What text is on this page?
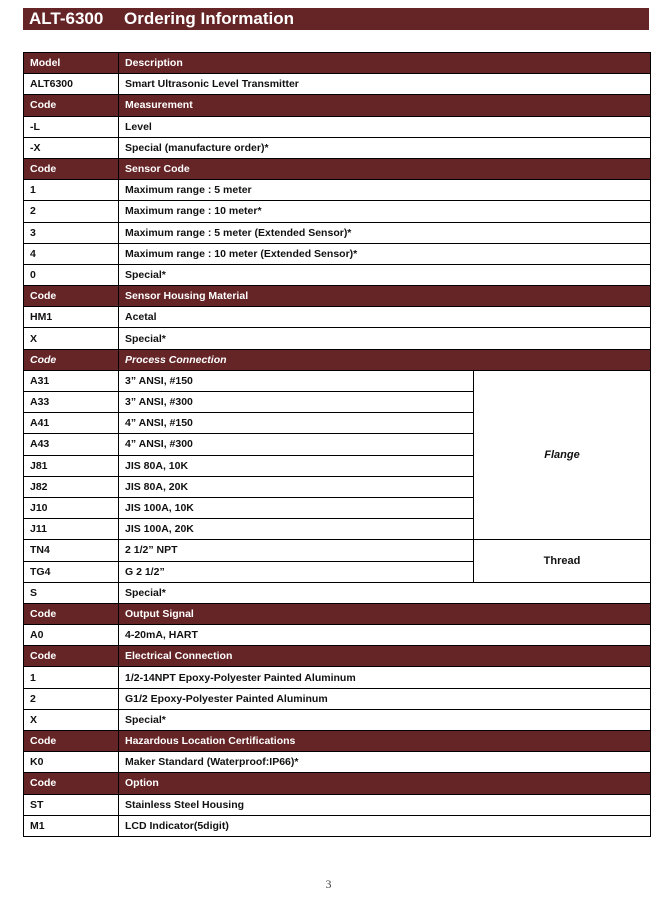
ALT-6300 Ordering Information
Model	Description	
ALT6300	Smart Ultrasonic Level Transmitter	
Code	Measurement	
-L	Level	
-X	Special (manufacture order)*	
Code	Sensor Code	
1	Maximum range : 5 meter	
2	Maximum range : 10 meter*	
3	Maximum range : 5 meter (Extended Sensor)*	
4	Maximum range : 10 meter (Extended Sensor)*	
0	Special*	
Code	Sensor Housing Material	
HM1	Acetal	
X	Special*	
Code	Process Connection	
A31	3” ANSI, #150	Flange
A33	3” ANSI, #300	
A41	4” ANSI, #150	
A43	4” ANSI, #300	
J81	JIS 80A, 10K	
J82	JIS 80A, 20K	
J10	JIS 100A, 10K	
J11	JIS 100A, 20K	
TN4	2 1/2” NPT	Thread
TG4	G 2 1/2”	
S	Special*	
Code	Output Signal	
A0	4-20mA, HART	
Code	Electrical Connection	
1	1/2-14NPT Epoxy-Polyester Painted Aluminum	
2	G1/2 Epoxy-Polyester Painted Aluminum	
X	Special*	
Code	Hazardous Location Certifications	
K0	Maker Standard (Waterproof:IP66)*	
Code	Option	
ST	Stainless Steel Housing	
M1	LCD Indicator(5digit)	
3
